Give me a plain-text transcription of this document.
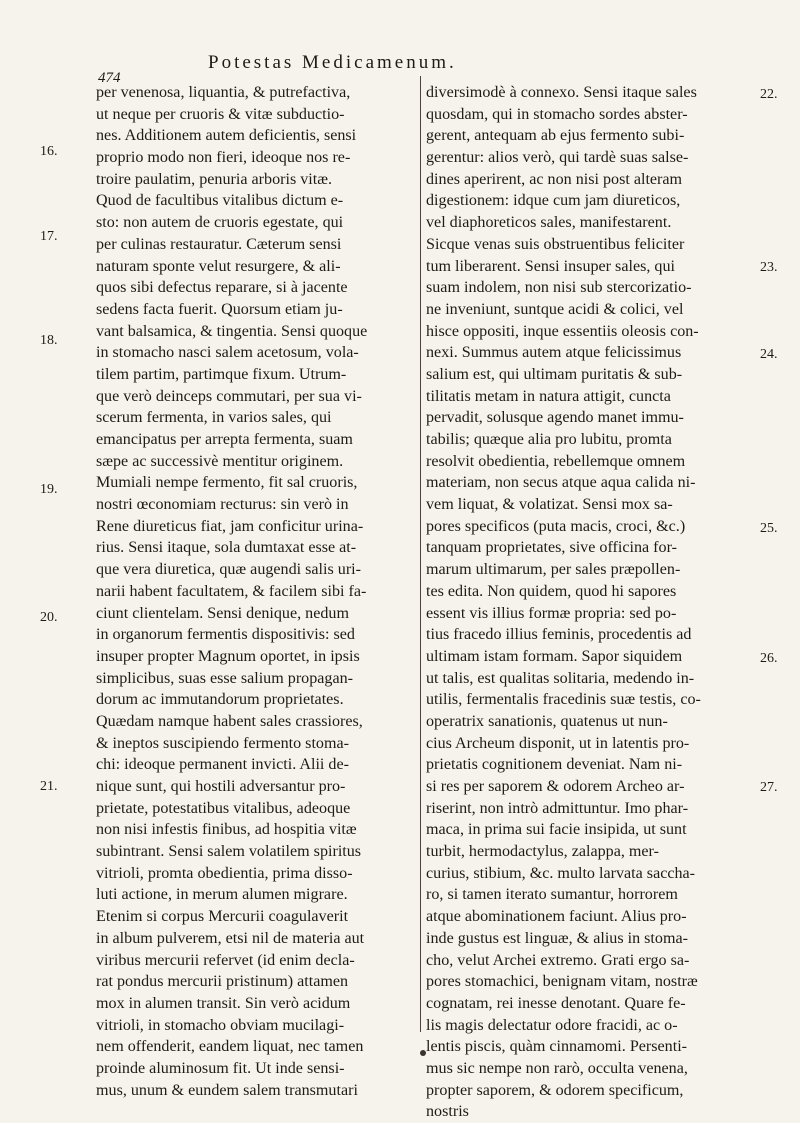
474
Potestas Medicamenum.
per venenosa, liquantia, & putrefactiva,
ut neque per cruoris & vitæ subductio-
nes. Additionem autem deficientis, sensi
proprio modo non fieri, ideoque nos re-
troire paulatim, penuria arboris vitæ.
Quod de facultibus vitalibus dictum e-
sto: non autem de cruoris egestate, qui
per culinas restauratur. Cæterum sensi
naturam sponte velut resurgere, & ali-
quos sibi defectus reparare, si à jacente
sedens facta fuerit. Quorsum etiam ju-
vant balsamica, & tingentia. Sensi quoque
in stomacho nasci salem acetosum, vola-
tilem partim, partimque fixum. Utrum-
que verò deinceps commutari, per sua vi-
scerum fermenta, in varios sales, qui
emancipatus per arrepta fermenta, suam
sæpe ac successivè mentitur originem.
Mumiali nempe fermento, fit sal cruoris,
nostri œconomiam recturus: sin verò in
Rene diureticus fiat, jam conficitur urina-
rius. Sensi itaque, sola dumtaxat esse at-
que vera diuretica, quæ augendi salis uri-
narii habent facultatem, & facilem sibi fa-
ciunt clientelam. Sensi denique, nedum
in organorum fermentis dispositivis: sed
insuper propter Magnum oportet, in ipsis
simplicibus, suas esse salium propagan-
dorum ac immutandorum proprietates.
Quædam namque habent sales crassiores,
& ineptos suscipiendo fermento stoma-
chi: ideoque permanent invicti. Alii de-
nique sunt, qui hostili adversantur pro-
prietate, potestatibus vitalibus, adeoque
non nisi infestis finibus, ad hospitia vitæ
subintrant. Sensi salem volatilem spiritus
vitrioli, promta obedientia, prima disso-
luti actione, in merum alumen migrare.
Etenim si corpus Mercurii coagulaverit
in album pulverem, etsi nil de materia aut
viribus mercurii refervet (id enim decla-
rat pondus mercurii pristinum) attamen
mox in alumen transit. Sin verò acidum
vitrioli, in stomacho obviam mucilagi-
nem offenderit, eandem liquat, nec tamen
proinde aluminosum fit. Ut inde sensi-
mus, unum & eundem salem transmutari
diversimodè à connexo. Sensi itaque sales
quosdam, qui in stomacho sordes abster-
gerent, antequam ab ejus fermento subi-
gerentur: alios verò, qui tardè suas salse-
dines aperirent, ac non nisi post alteram
digestionem: idque cum jam diureticos,
vel diaphoreticos sales, manifestarent.
Sicque venas suis obstruentibus feliciter
tum liberarent. Sensi insuper sales, qui
suam indolem, non nisi sub stercorizatio-
ne inveniunt, suntque acidi & colici, vel
hisce oppositi, inque essentiis oleosis con-
nexi. Summus autem atque felicissimus
salium est, qui ultimam puritatis & sub-
tilitatis metam in natura attigit, cuncta
pervadit, solusque agendo manet immu-
tabilis; quæque alia pro lubitu, promta
resolvit obedientia, rebellemque omnem
materiam, non secus atque aqua calida ni-
vem liquat, & volatizat. Sensi mox sa-
pores specificos (puta macis, croci, &c.)
tanquam proprietates, sive officina for-
marum ultimarum, per sales præpollen-
tes edita. Non quidem, quod hi sapores
essent vis illius formæ propria: sed po-
tius fracedo illius feminis, procedentis ad
ultimam istam formam. Sapor siquidem
ut talis, est qualitas solitaria, medendo in-
utilis, fermentalis fracedinis suæ testis, co-
operatrix sanationis, quatenus ut nun-
cius Archeum disponit, ut in latentis pro-
prietatis cognitionem deveniat. Nam ni-
si res per saporem & odorem Archeo ar-
riserint, non intrò admittuntur. Imo phar-
maca, in prima sui facie insipida, ut sunt
turbit, hermodactylus, zalappa, mer-
curius, stibium, &c. multo larvata saccha-
ro, si tamen iterato sumantur, horrorem
atque abominationem faciunt. Alius pro-
inde gustus est linguæ, & alius in stoma-
cho, velut Archei extremo. Grati ergo sa-
pores stomachici, benignam vitam, nostræ
cognatam, rei inesse denotant. Quare fe-
lis magis delectatur odore fracidi, ac o-
lentis piscis, quàm cinnamomi. Persenti-
mus sic nempe non rarò, occulta venena,
propter saporem, & odorem specificum,
nostris
16.
17.
18.
19.
20.
21.
22.
23.
24.
25.
26.
27.
